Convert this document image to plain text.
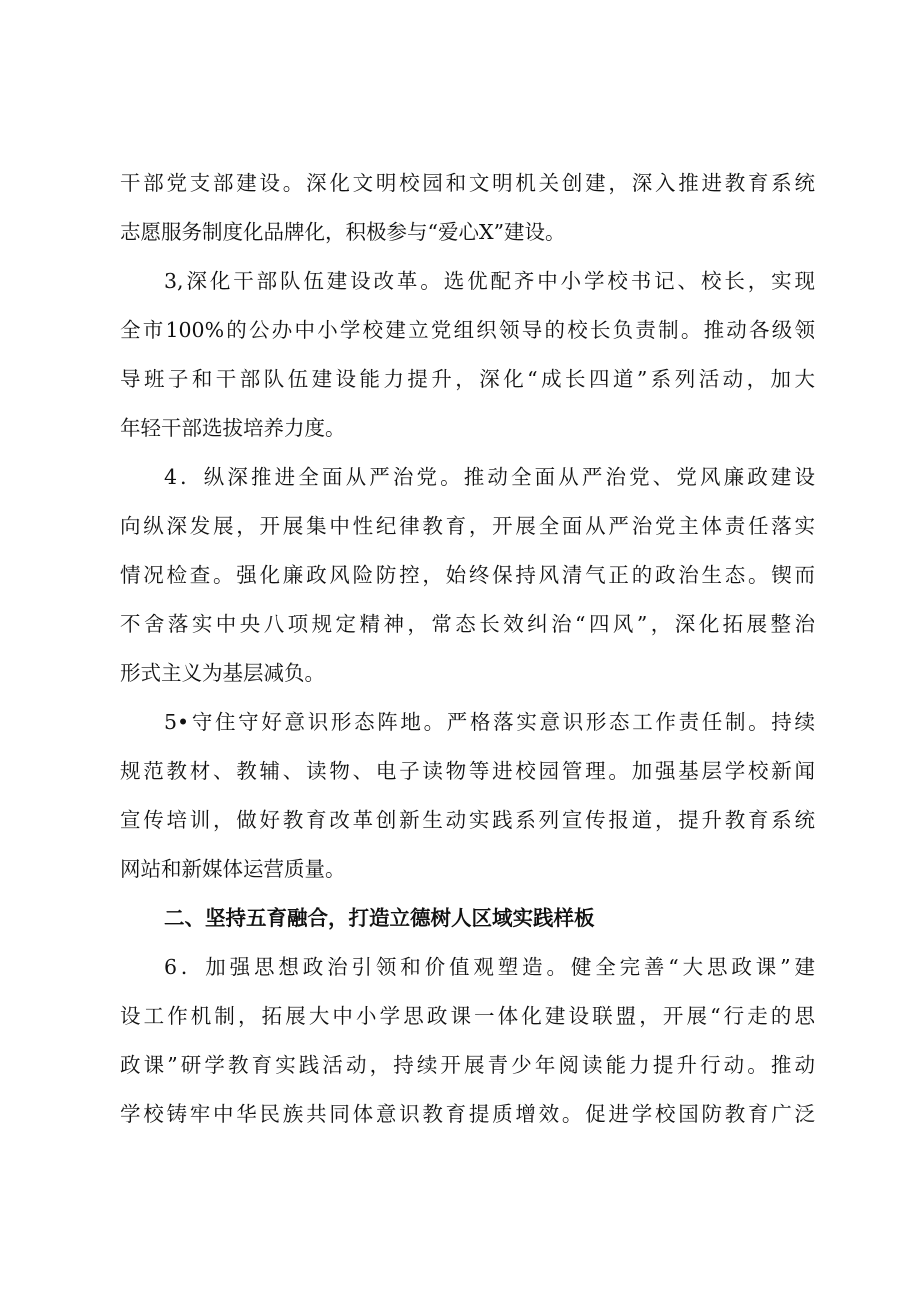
干部党支部建设。深化文明校园和文明机关创建，深入推进教育系统
志愿服务制度化品牌化，积极参与“爱心X”建设。
3,深化干部队伍建设改革。选优配齐中小学校书记、校长，实现
全市100%的公办中小学校建立党组织领导的校长负责制。推动各级领
导班子和干部队伍建设能力提升，深化“成长四道”系列活动，加大
年轻干部选拔培养力度。
4．纵深推进全面从严治党。推动全面从严治党、党风廉政建设
向纵深发展，开展集中性纪律教育，开展全面从严治党主体责任落实
情况检查。强化廉政风险防控，始终保持风清气正的政治生态。锲而
不舍落实中央八项规定精神，常态长效纠治“四风”，深化拓展整治
形式主义为基层减负。
5•守住守好意识形态阵地。严格落实意识形态工作责任制。持续
规范教材、教辅、读物、电子读物等进校园管理。加强基层学校新闻
宣传培训，做好教育改革创新生动实践系列宣传报道，提升教育系统
网站和新媒体运营质量。
二、坚持五育融合，打造立德树人区域实践样板
6．加强思想政治引领和价值观塑造。健全完善“大思政课”建
设工作机制，拓展大中小学思政课一体化建设联盟，开展“行走的思
政课”研学教育实践活动，持续开展青少年阅读能力提升行动。推动
学校铸牢中华民族共同体意识教育提质增效。促进学校国防教育广泛
